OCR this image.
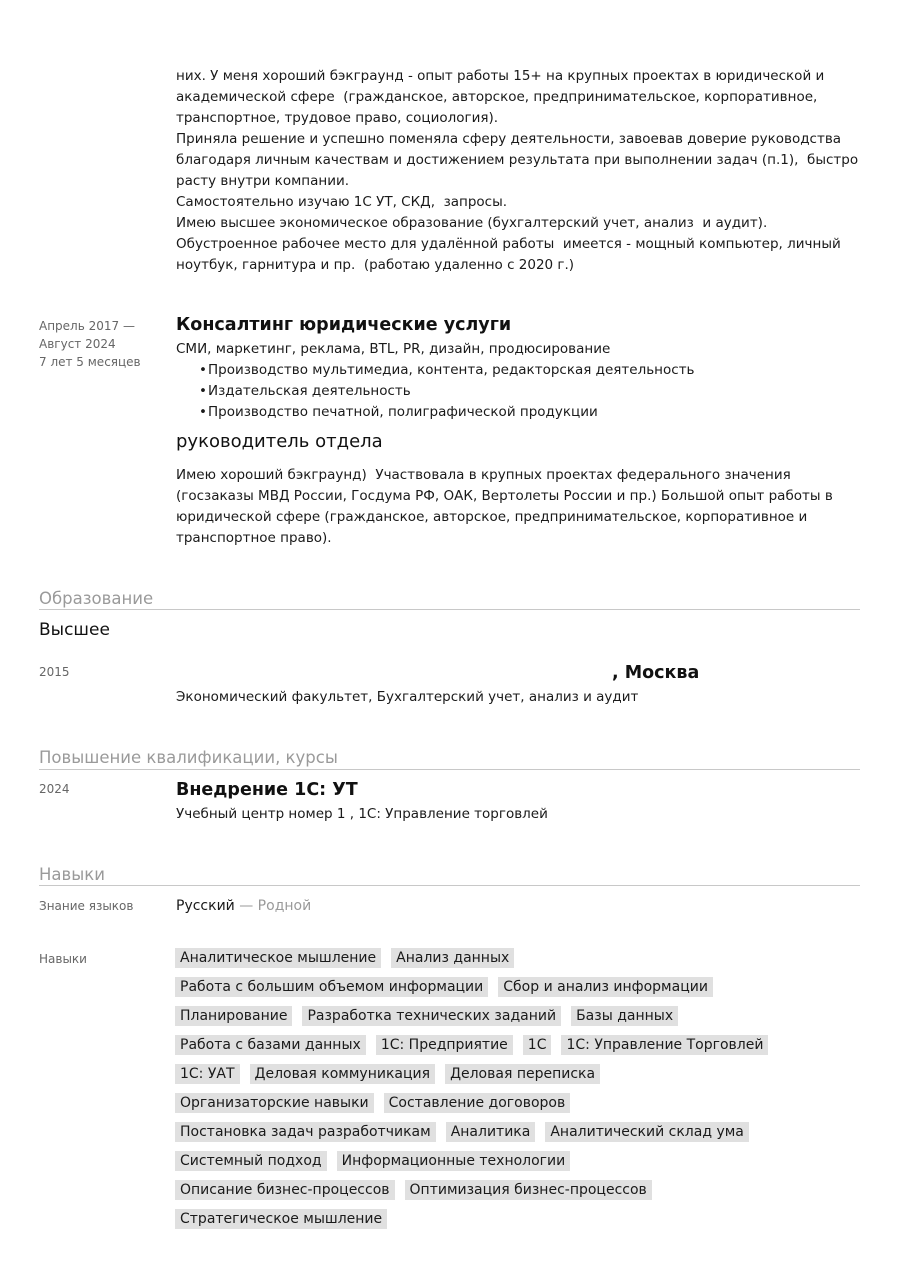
них. У меня хороший бэкграунд - опыт работы 15+ на крупных проектах в юридической и
академической сфере  (гражданское, авторское, предпринимательское, корпоративное,
транспортное, трудовое право, социология).
Приняла решение и успешно поменяла сферу деятельности, завоевав доверие руководства
благодаря личным качествам и достижением результата при выполнении задач (п.1),  быстро
расту внутри компании.
Самостоятельно изучаю 1С УТ, СКД,  запросы.
Имею высшее экономическое образование (бухгалтерский учет, анализ  и аудит).
Обустроенное рабочее место для удалённой работы  имеется - мощный компьютер, личный
ноутбук, гарнитура и пр.  (работаю удаленно с 2020 г.)
Апрель 2017 —
Август 2024
7 лет 5 месяцев
Консалтинг юридические услуги
СМИ, маркетинг, реклама, BTL, PR, дизайн, продюсирование
• Производство мультимедиа, контента, редакторская деятельность
• Издательская деятельность
• Производство печатной, полиграфической продукции
руководитель отдела
Имею хороший бэкграунд)  Участвовала в крупных проектах федерального значения
(госзаказы МВД России, Госдума РФ, ОАК, Вертолеты России и пр.) Большой опыт работы в
юридической сфере (гражданское, авторское, предпринимательское, корпоративное и
транспортное право).
Образование
Высшее
2015	, Москва
Экономический факультет, Бухгалтерский учет, анализ и аудит
Повышение квалификации, курсы
2024	Внедрение 1С: УТ
Учебный центр номер 1 , 1С: Управление торговлей
Навыки
Знание языков	Русский — Родной
Навыки	Аналитическое мышление	Анализ данных
Работа с большим объемом информации	Сбор и анализ информации
Планирование	Разработка технических заданий	Базы данных
Работа с базами данных	1С: Предприятие	1С	1С: Управление Торговлей
1С: УАТ	Деловая коммуникация	Деловая переписка
Организаторские навыки	Составление договоров
Постановка задач разработчикам	Аналитика	Аналитический склад ума
Системный подход	Информационные технологии
Описание бизнес-процессов	Оптимизация бизнес-процессов
Стратегическое мышление
